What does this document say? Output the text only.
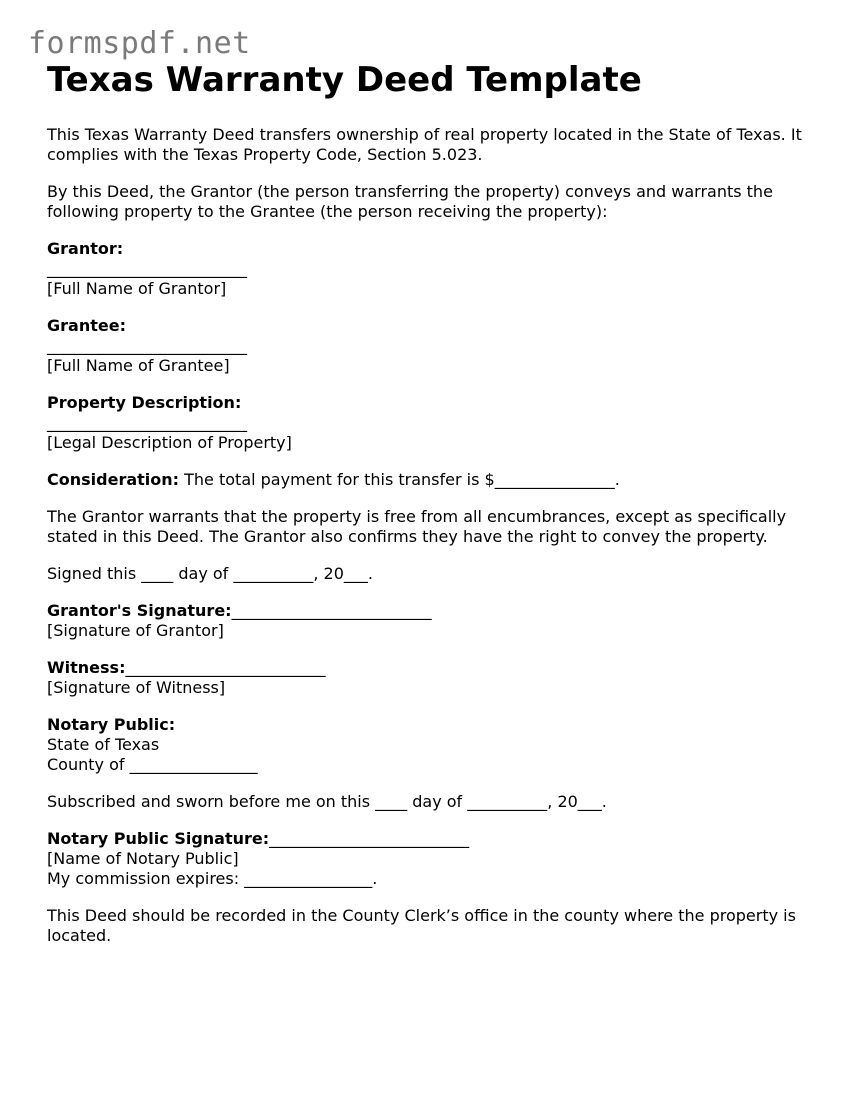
formspdf.net
Texas Warranty Deed Template

This Texas Warranty Deed transfers ownership of real property located in the State of Texas. It complies with the Texas Property Code, Section 5.023.

By this Deed, the Grantor (the person transferring the property) conveys and warrants the following property to the Grantee (the person receiving the property):

Grantor:
_________________________
[Full Name of Grantor]

Grantee:
_________________________
[Full Name of Grantee]

Property Description:
_________________________
[Legal Description of Property]

Consideration: The total payment for this transfer is $_______________.

The Grantor warrants that the property is free from all encumbrances, except as specifically stated in this Deed. The Grantor also confirms they have the right to convey the property.

Signed this ____ day of __________, 20___.

Grantor's Signature:_________________________
[Signature of Grantor]

Witness:_________________________
[Signature of Witness]

Notary Public:
State of Texas
County of ________________

Subscribed and sworn before me on this ____ day of __________, 20___.

Notary Public Signature:_________________________
[Name of Notary Public]
My commission expires: ________________.

This Deed should be recorded in the County Clerk’s office in the county where the property is located.
